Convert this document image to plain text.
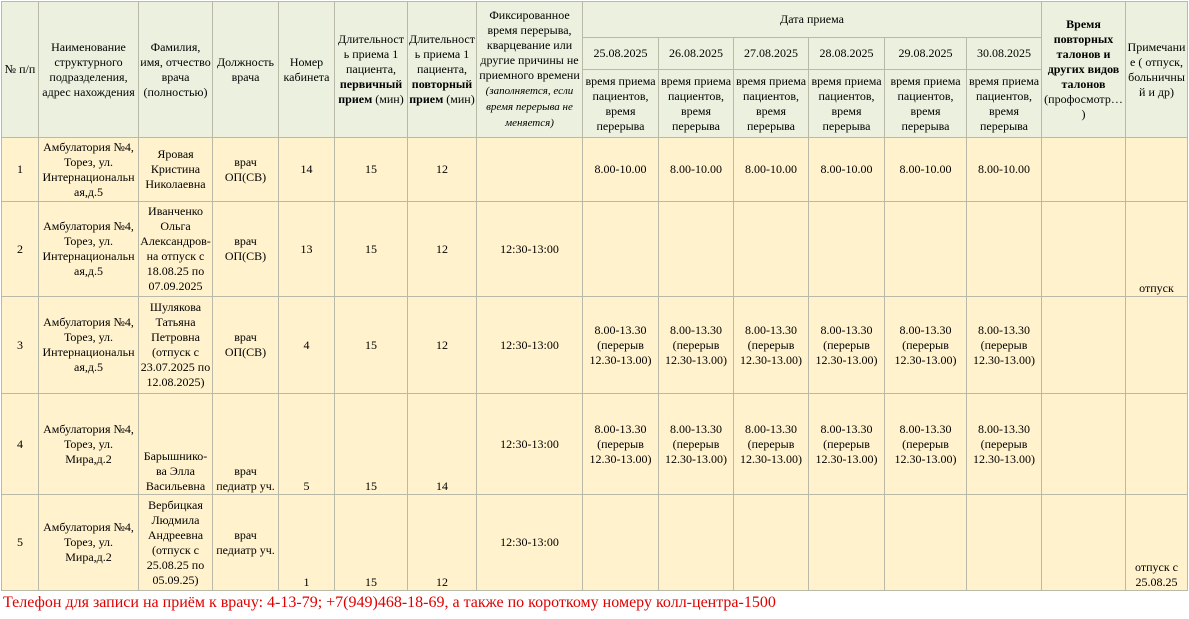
№ п/п	Наименование структурного подразделения, адрес нахождения	Фамилия, имя, отчество врача (полностью)	Должность врача	Номер кабинета	Длительность приема 1 пациента,
первичный прием (мин)	Длительность приема 1 пациента,
повторный прием (мин)	Фиксированное время перерыва, кварцевание или другие причины не приемного времени (заполняется, если время перерыва не меняется)	Дата приема						Время повторных талонов и других видов талонов (профосмотр… )	Примечание ( отпуск, больничный и др)
								25.08.2025	26.08.2025	27.08.2025	28.08.2025	29.08.2025	30.08.2025		
								время приема пациентов, время перерыва	время приема пациентов, время перерыва	время приема пациентов, время перерыва	время приема пациентов, время перерыва	время приема пациентов, время перерыва	время приема пациентов, время перерыва		
1	Амбулатория №4, Торез, ул. Интернациональная,д.5	Яровая Кристина Николаевна	врач ОП(СВ)	14	15	12		8.00-10.00	8.00-10.00	8.00-10.00	8.00-10.00	8.00-10.00	8.00-10.00		
2	Амбулатория №4, Торез, ул. Интернациональная,д.5	Иванченко Ольга Александров-на отпуск с 18.08.25 по 07.09.2025	врач ОП(СВ)	13	15	12	12:30-13:00								отпуск
3	Амбулатория №4, Торез, ул. Интернациональная,д.5	Шулякова Татьяна Петровна (отпуск с 23.07.2025 по 12.08.2025)	врач ОП(СВ)	4	15	12	12:30-13:00	8.00-13.30 (перерыв 12.30-13.00)	8.00-13.30 (перерыв 12.30-13.00)	8.00-13.30 (перерыв 12.30-13.00)	8.00-13.30 (перерыв 12.30-13.00)	8.00-13.30 (перерыв 12.30-13.00)	8.00-13.30 (перерыв 12.30-13.00)		
4	Амбулатория №4, Торез, ул. Мира,д.2	Барышнико-ва Элла Васильевна	врач педиатр уч.	5	15	14	12:30-13:00	8.00-13.30 (перерыв 12.30-13.00)	8.00-13.30 (перерыв 12.30-13.00)	8.00-13.30 (перерыв 12.30-13.00)	8.00-13.30 (перерыв 12.30-13.00)	8.00-13.30 (перерыв 12.30-13.00)	8.00-13.30 (перерыв 12.30-13.00)		
5	Амбулатория №4, Торез, ул. Мира,д.2	Вербицкая Людмила Андреевна (отпуск с 25.08.25 по 05.09.25)	врач педиатр уч.	1	15	12	12:30-13:00								отпуск с 25.08.25
Телефон для записи на приём к врачу: 4-13-79; +7(949)468-18-69, а также по короткому номеру колл-центра-1500
